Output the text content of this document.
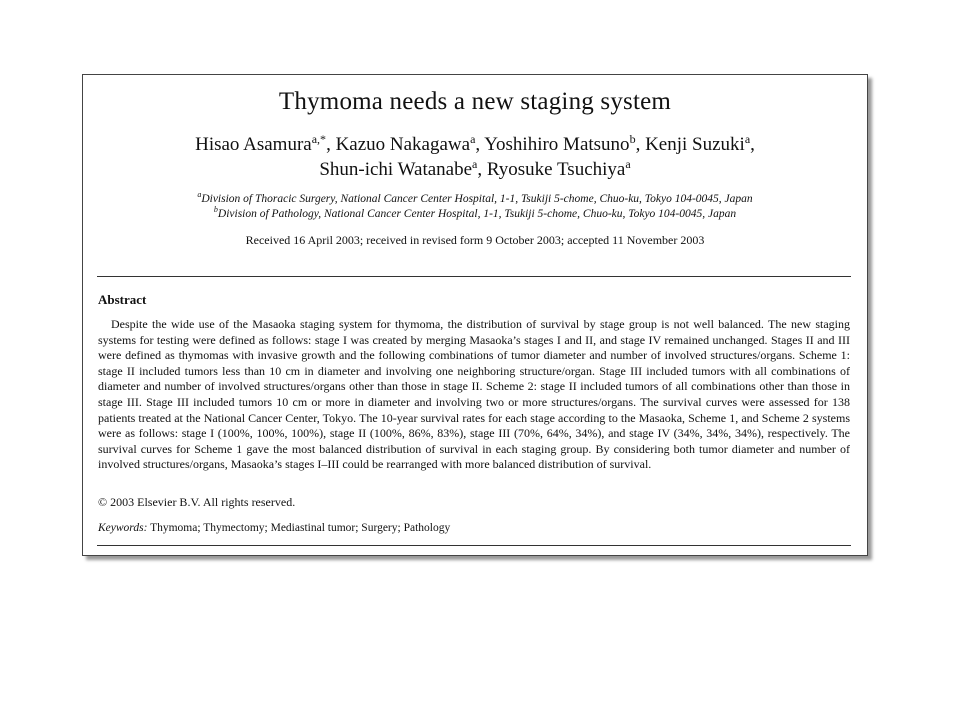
Thymoma needs a new staging system
Hisao Asamura$^{a,*}$, Kazuo Nakagawa$^a$, Yoshihiro Matsuno$^b$, Kenji Suzuki$^a$,
Shun-ichi Watanabe$^a$, Ryosuke Tsuchiya$^a$
$^a$Division of Thoracic Surgery, National Cancer Center Hospital, 1-1, Tsukiji 5-chome, Chuo-ku, Tokyo 104-0045, Japan
$^b$Division of Pathology, National Cancer Center Hospital, 1-1, Tsukiji 5-chome, Chuo-ku, Tokyo 104-0045, Japan
Received 16 April 2003; received in revised form 9 October 2003; accepted 11 November 2003
Abstract
Despite the wide use of the Masaoka staging system for thymoma, the distribution of survival by stage group is not well balanced. The new staging systems for testing were defined as follows: stage I was created by merging Masaoka’s stages I and II, and stage IV remained unchanged. Stages II and III were defined as thymomas with invasive growth and the following combinations of tumor diameter and number of involved structures/organs. Scheme 1: stage II included tumors less than 10 cm in diameter and involving one neighboring structure/organ. Stage III included tumors with all combinations of diameter and number of involved structures/organs other than those in stage II. Scheme 2: stage II included tumors of all combinations other than those in stage III. Stage III included tumors 10 cm or more in diameter and involving two or more structures/organs. The survival curves were assessed for 138 patients treated at the National Cancer Center, Tokyo. The 10-year survival rates for each stage according to the Masaoka, Scheme 1, and Scheme 2 systems were as follows: stage I (100%, 100%, 100%), stage II (100%, 86%, 83%), stage III (70%, 64%, 34%), and stage IV (34%, 34%, 34%), respectively. The survival curves for Scheme 1 gave the most balanced distribution of survival in each staging group. By considering both tumor diameter and number of involved structures/organs, Masaoka’s stages I–III could be rearranged with more balanced distribution of survival.
© 2003 Elsevier B.V. All rights reserved.
Keywords: Thymoma; Thymectomy; Mediastinal tumor; Surgery; Pathology
